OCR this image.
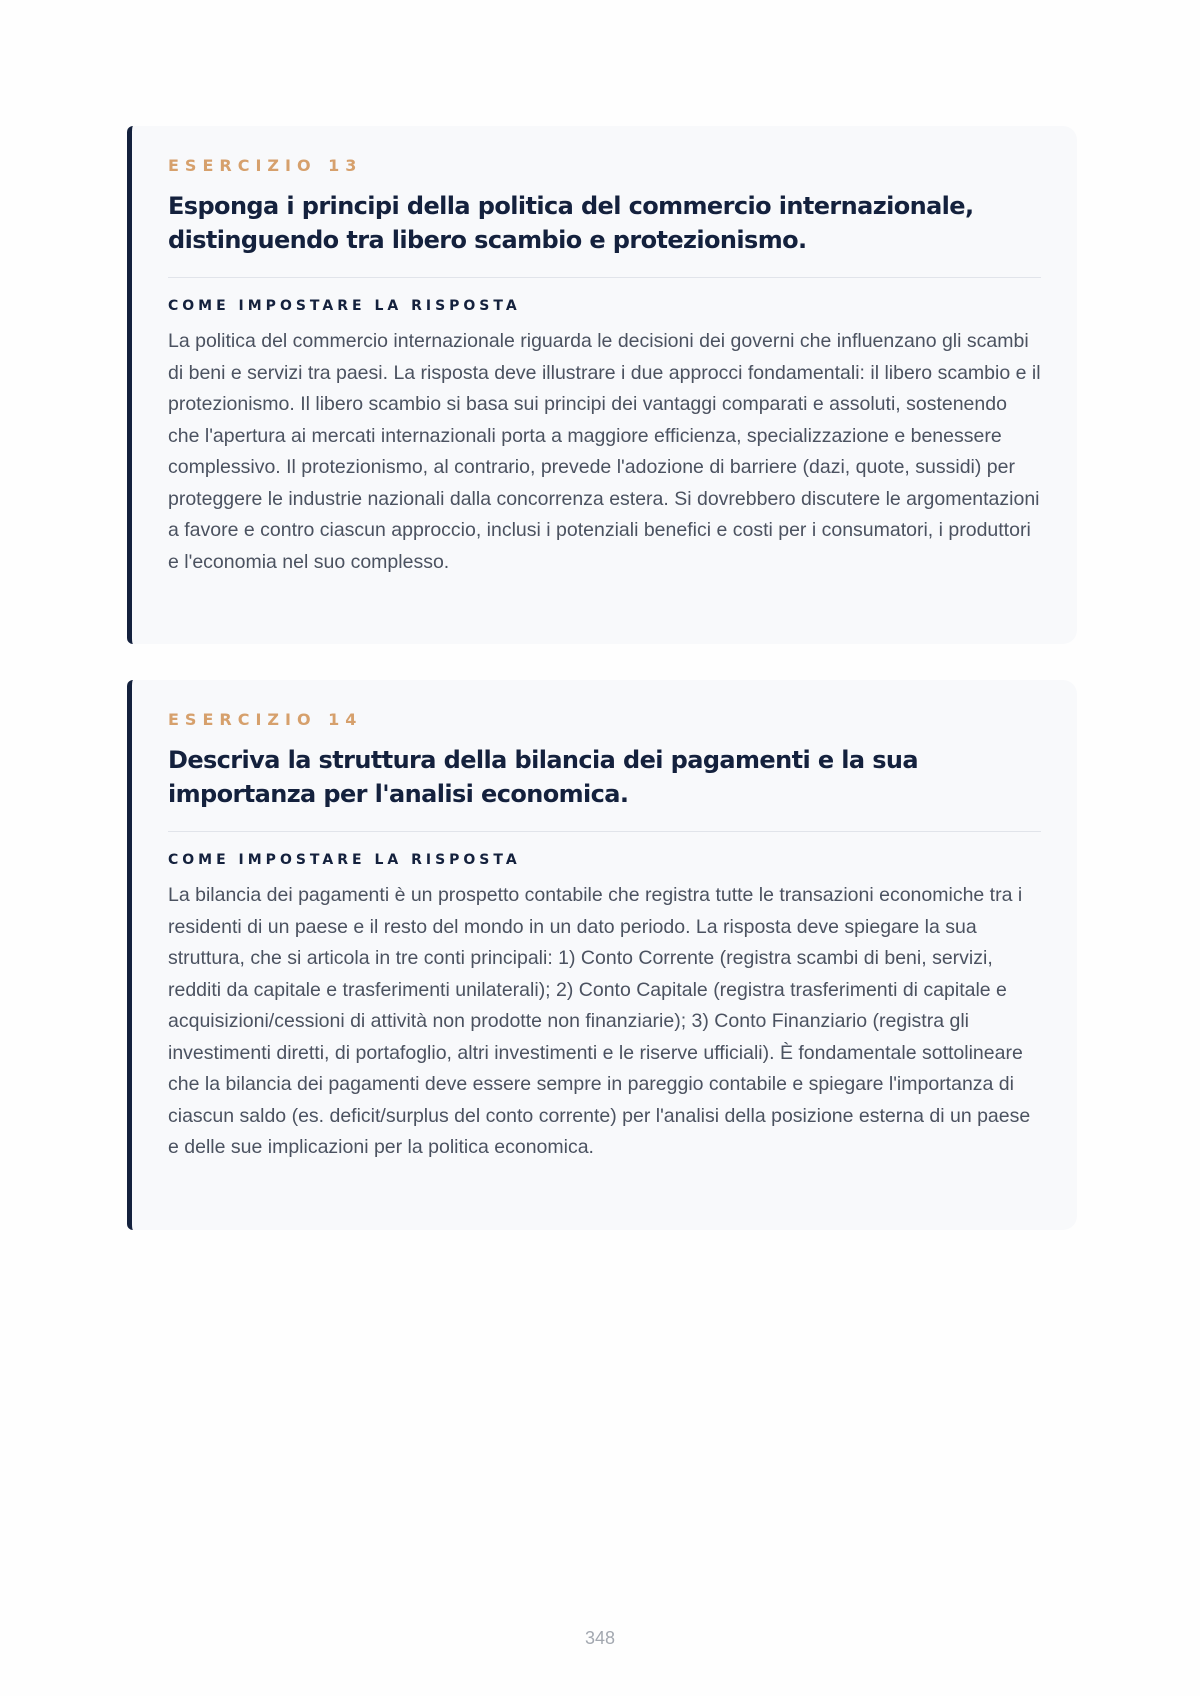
ESERCIZIO 13
Esponga i principi della politica del commercio internazionale, distinguendo tra libero scambio e protezionismo.
COME IMPOSTARE LA RISPOSTA

La politica del commercio internazionale riguarda le decisioni dei governi che influenzano gli scambi di beni e servizi tra paesi. La risposta deve illustrare i due approcci fondamentali: il libero scambio e il protezionismo. Il libero scambio si basa sui principi dei vantaggi comparati e assoluti, sostenendo che l'apertura ai mercati internazionali porta a maggiore efficienza, specializzazione e benessere complessivo. Il protezionismo, al contrario, prevede l'adozione di barriere (dazi, quote, sussidi) per proteggere le industrie nazionali dalla concorrenza estera. Si dovrebbero discutere le argomentazioni a favore e contro ciascun approccio, inclusi i potenziali benefici e costi per i consumatori, i produttori e l'economia nel suo complesso.

ESERCIZIO 14
Descriva la struttura della bilancia dei pagamenti e la sua importanza per l'analisi economica.
COME IMPOSTARE LA RISPOSTA

La bilancia dei pagamenti è un prospetto contabile che registra tutte le transazioni economiche tra i residenti di un paese e il resto del mondo in un dato periodo. La risposta deve spiegare la sua struttura, che si articola in tre conti principali: 1) Conto Corrente (registra scambi di beni, servizi, redditi da capitale e trasferimenti unilaterali); 2) Conto Capitale (registra trasferimenti di capitale e acquisizioni/cessioni di attività non prodotte non finanziarie); 3) Conto Finanziario (registra gli investimenti diretti, di portafoglio, altri investimenti e le riserve ufficiali). È fondamentale sottolineare che la bilancia dei pagamenti deve essere sempre in pareggio contabile e spiegare l'importanza di ciascun saldo (es. deficit/surplus del conto corrente) per l'analisi della posizione esterna di un paese e delle sue implicazioni per la politica economica.

348
